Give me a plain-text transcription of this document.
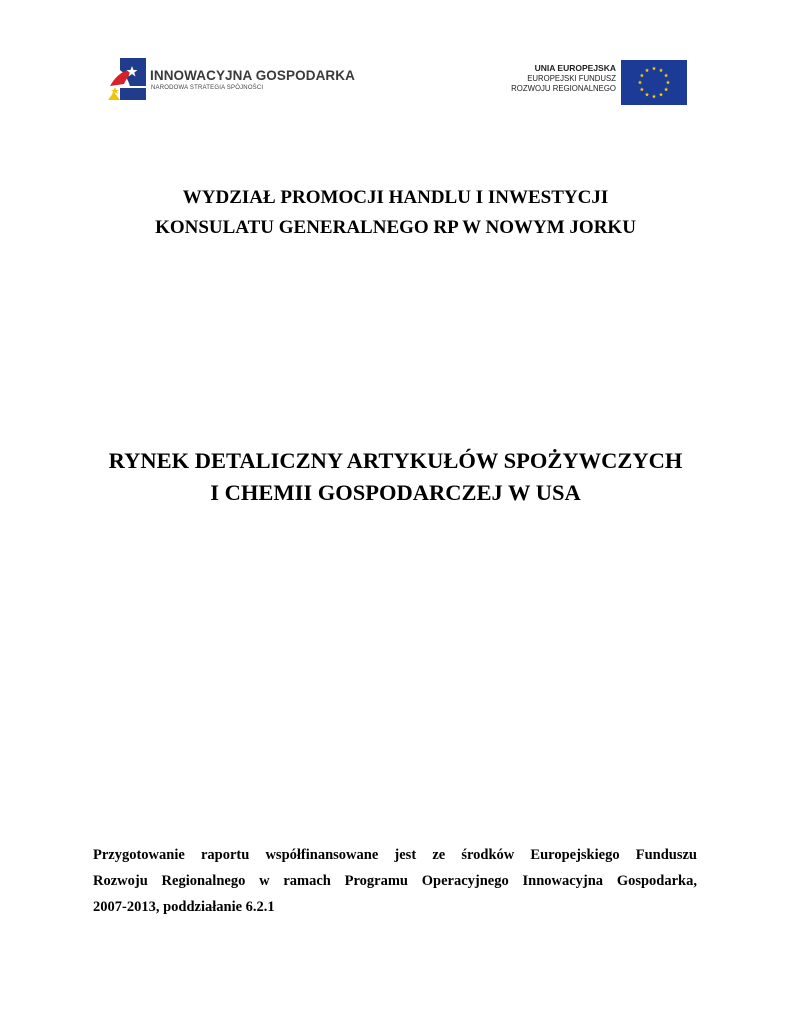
INNOWACYJNA GOSPODARKA
NARODOWA STRATEGIA SPÓJNOŚCI
UNIA EUROPEJSKA
EUROPEJSKI FUNDUSZ
ROZWOJU REGIONALNEGO
WYDZIAŁ PROMOCJI HANDLU I INWESTYCJI
KONSULATU GENERALNEGO RP W NOWYM JORKU
RYNEK DETALICZNY ARTYKUŁÓW SPOŻYWCZYCH
I CHEMII GOSPODARCZEJ W USA
Przygotowanie raportu współfinansowane jest ze środków Europejskiego Funduszu
Rozwoju Regionalnego w ramach Programu Operacyjnego Innowacyjna Gospodarka,
2007-2013, poddziałanie 6.2.1
